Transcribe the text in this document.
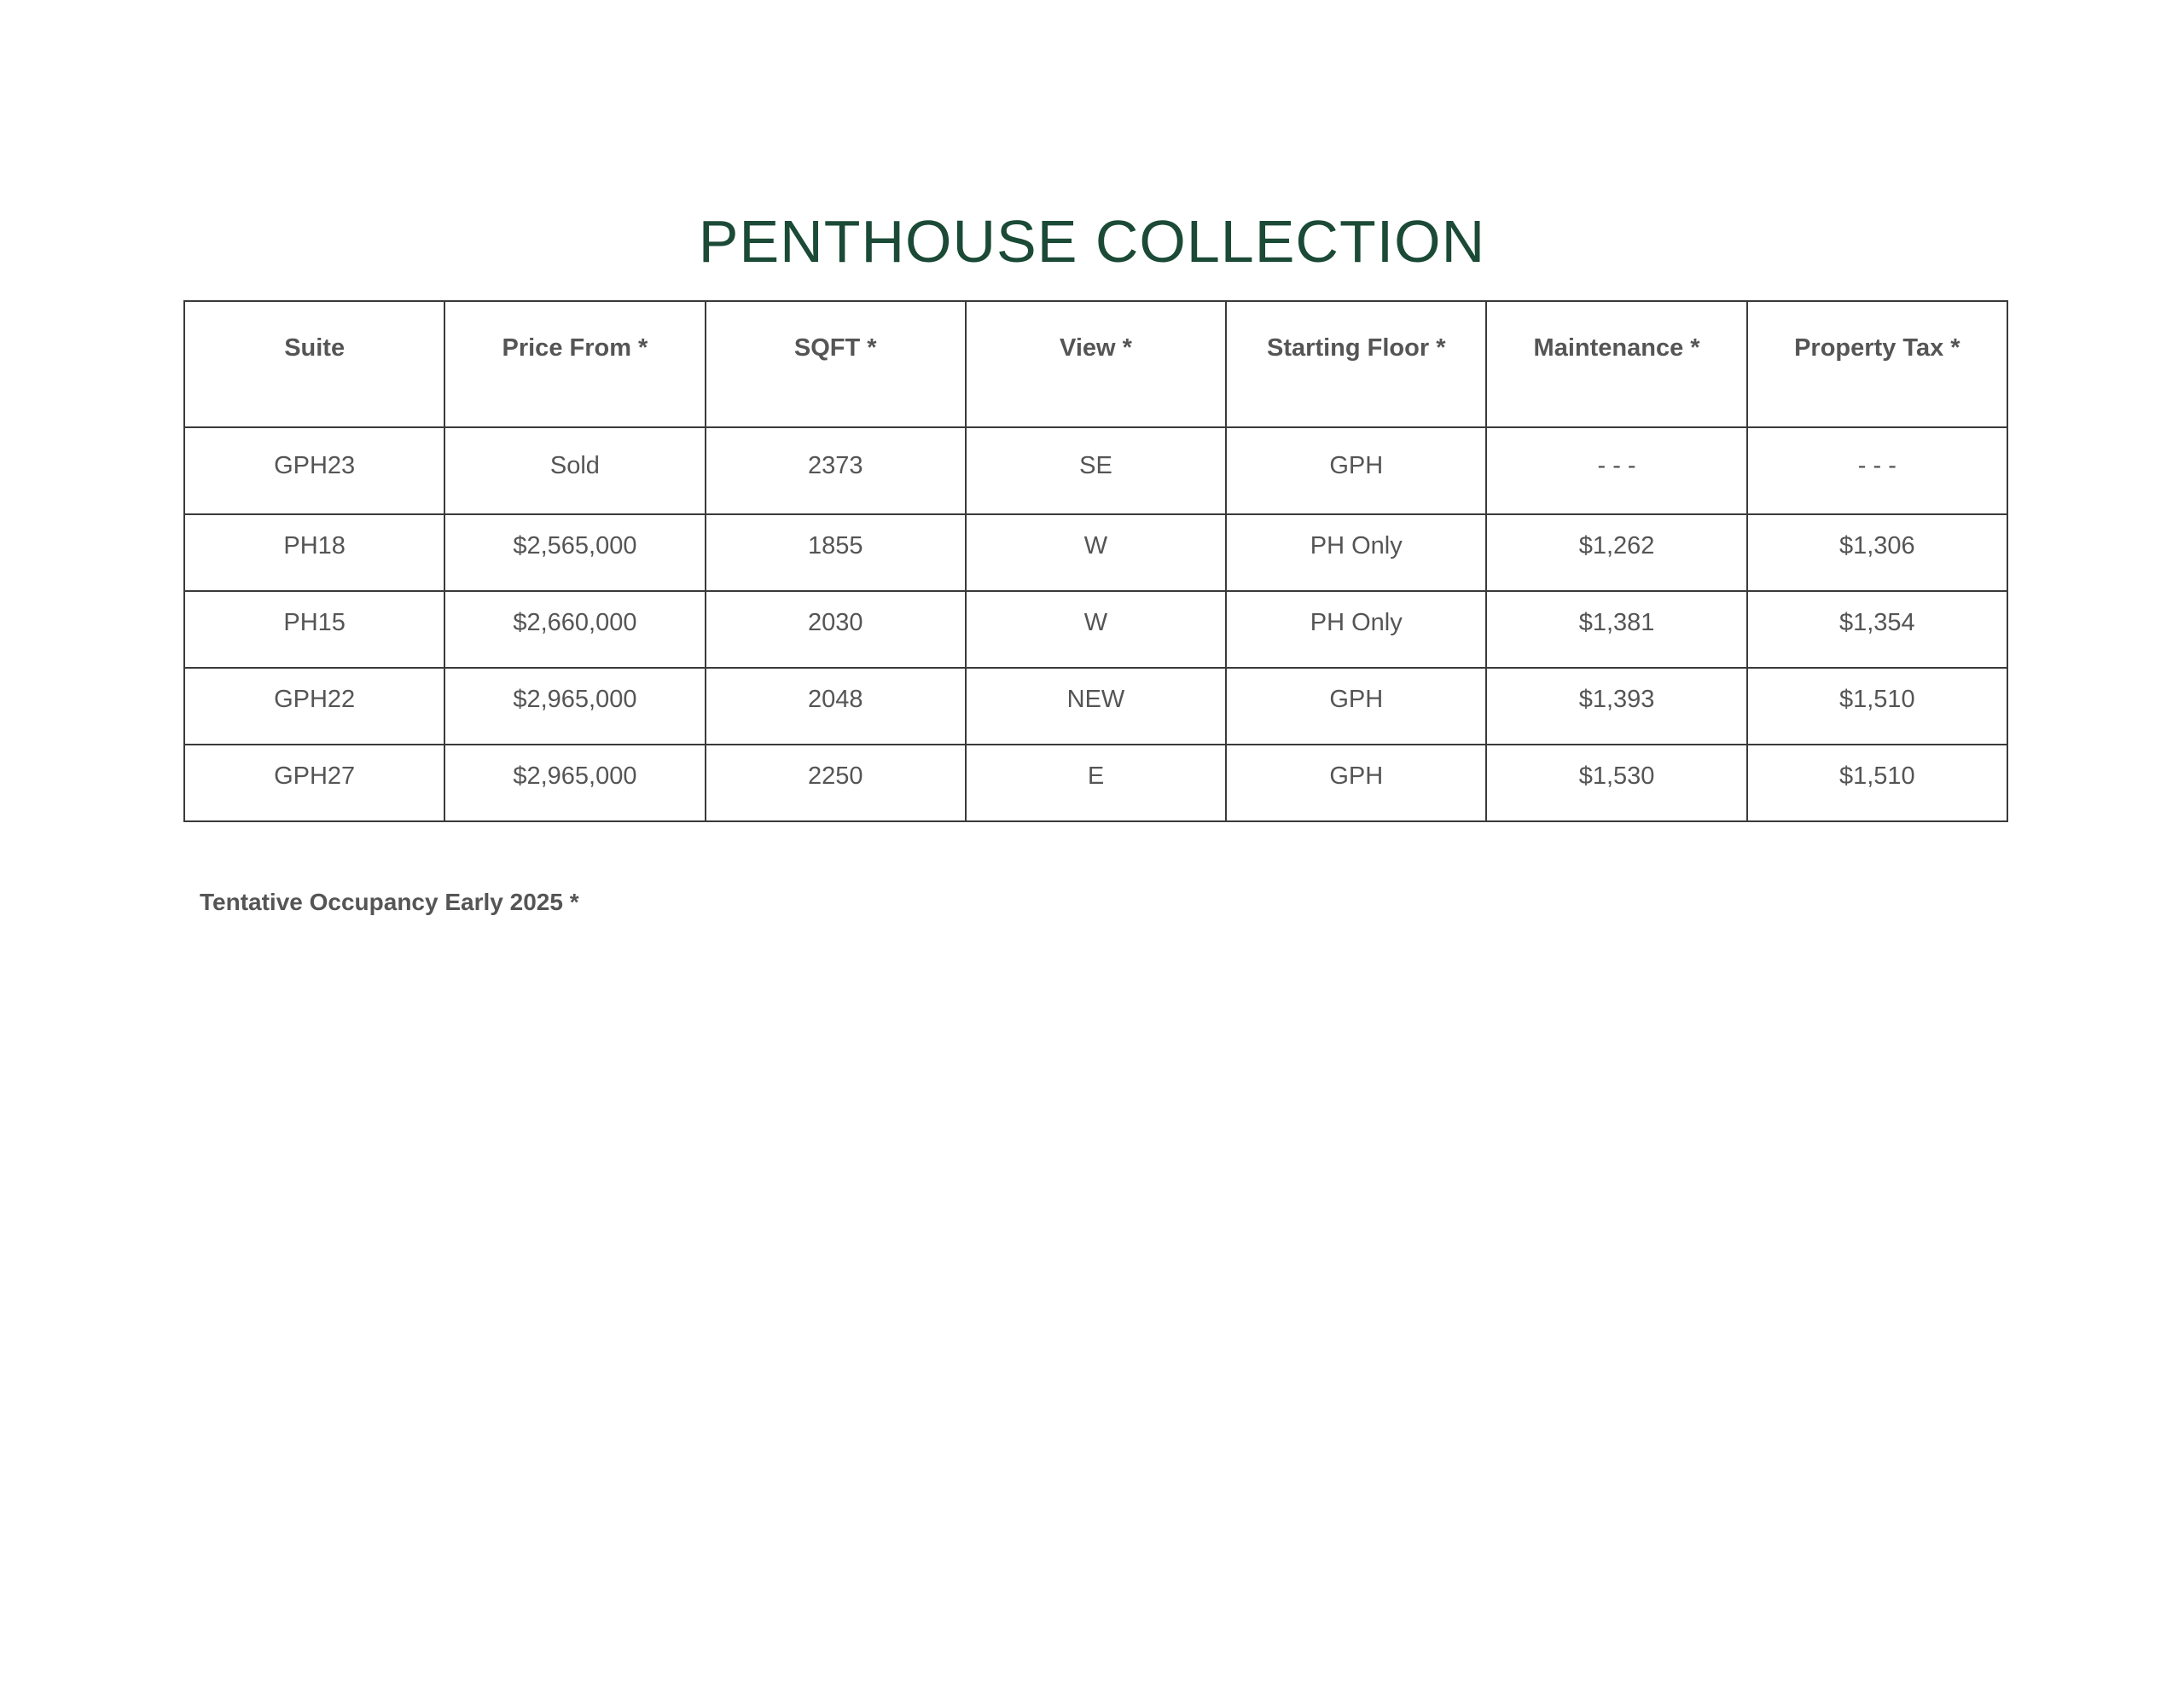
PENTHOUSE COLLECTION
Suite	Price From *	SQFT *	View *	Starting Floor *	Maintenance *	Property Tax *
GPH23	Sold	2373	SE	GPH	- - -	- - -
PH18	$2,565,000	1855	W	PH Only	$1,262	$1,306
PH15	$2,660,000	2030	W	PH Only	$1,381	$1,354
GPH22	$2,965,000	2048	NEW	GPH	$1,393	$1,510
GPH27	$2,965,000	2250	E	GPH	$1,530	$1,510
Tentative Occupancy Early 2025 *
